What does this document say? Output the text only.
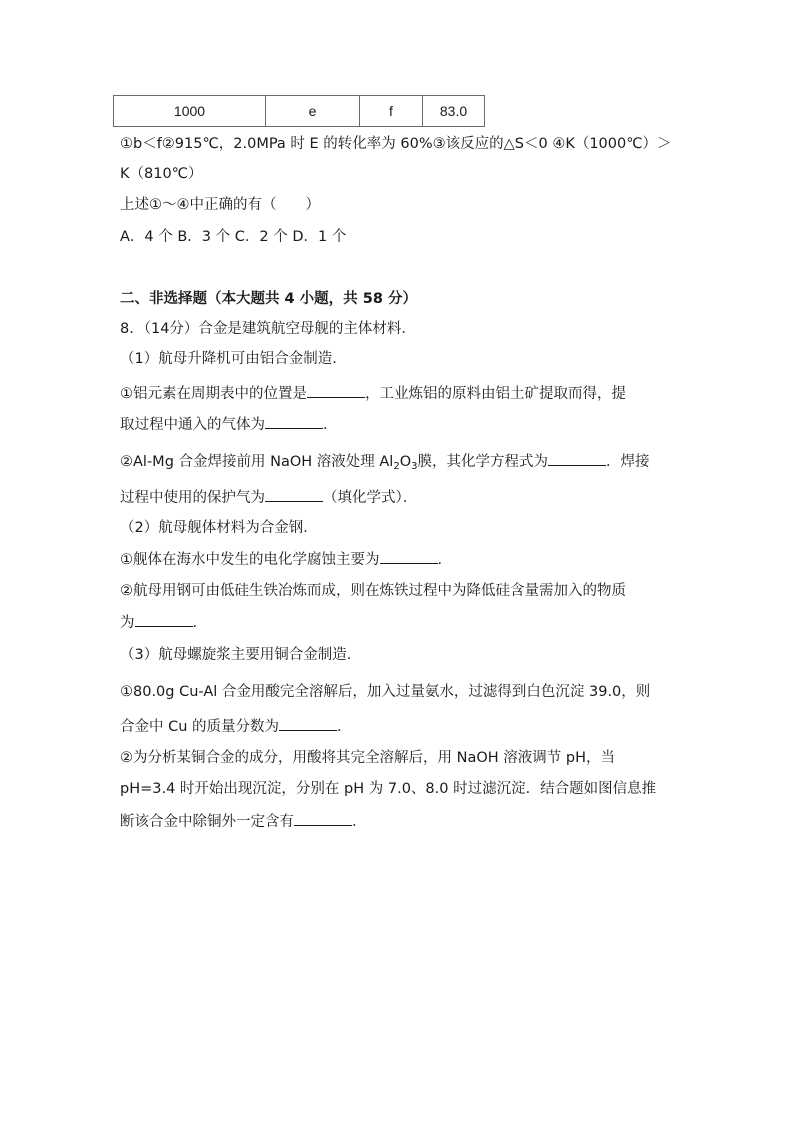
1000	e	f	83.0
①b＜f②915℃，2.0MPa 时 E 的转化率为 60%③该反应的△S＜0 ④K（1000℃）＞
K（810℃）
上述①～④中正确的有（　　）
A．4 个 B．3 个 C．2 个 D．1 个
二、非选择题（本大题共 4 小题，共 58 分）
8．（14分）合金是建筑航空母舰的主体材料．
（1）航母升降机可由铝合金制造．
①铝元素在周期表中的位置是	，工业炼铝的原料由铝土矿提取而得，提
取过程中通入的气体为	．
②Al-Mg 合金焊接前用 NaOH 溶液处理 $Al_2O_3$膜，其化学方程式为	．焊接
过程中使用的保护气为	（填化学式）．
（2）航母舰体材料为合金钢．
①舰体在海水中发生的电化学腐蚀主要为	．
②航母用钢可由低硅生铁冶炼而成，则在炼铁过程中为降低硅含量需加入的物质
为	．
（3）航母螺旋浆主要用铜合金制造．
①80.0g Cu-Al 合金用酸完全溶解后，加入过量氨水，过滤得到白色沉淀 39.0，则
合金中 Cu 的质量分数为	．
②为分析某铜合金的成分，用酸将其完全溶解后，用 NaOH 溶液调节 pH，当
pH=3.4 时开始出现沉淀，分别在 pH 为 7.0、8.0 时过滤沉淀．结合题如图信息推
断该合金中除铜外一定含有	．
